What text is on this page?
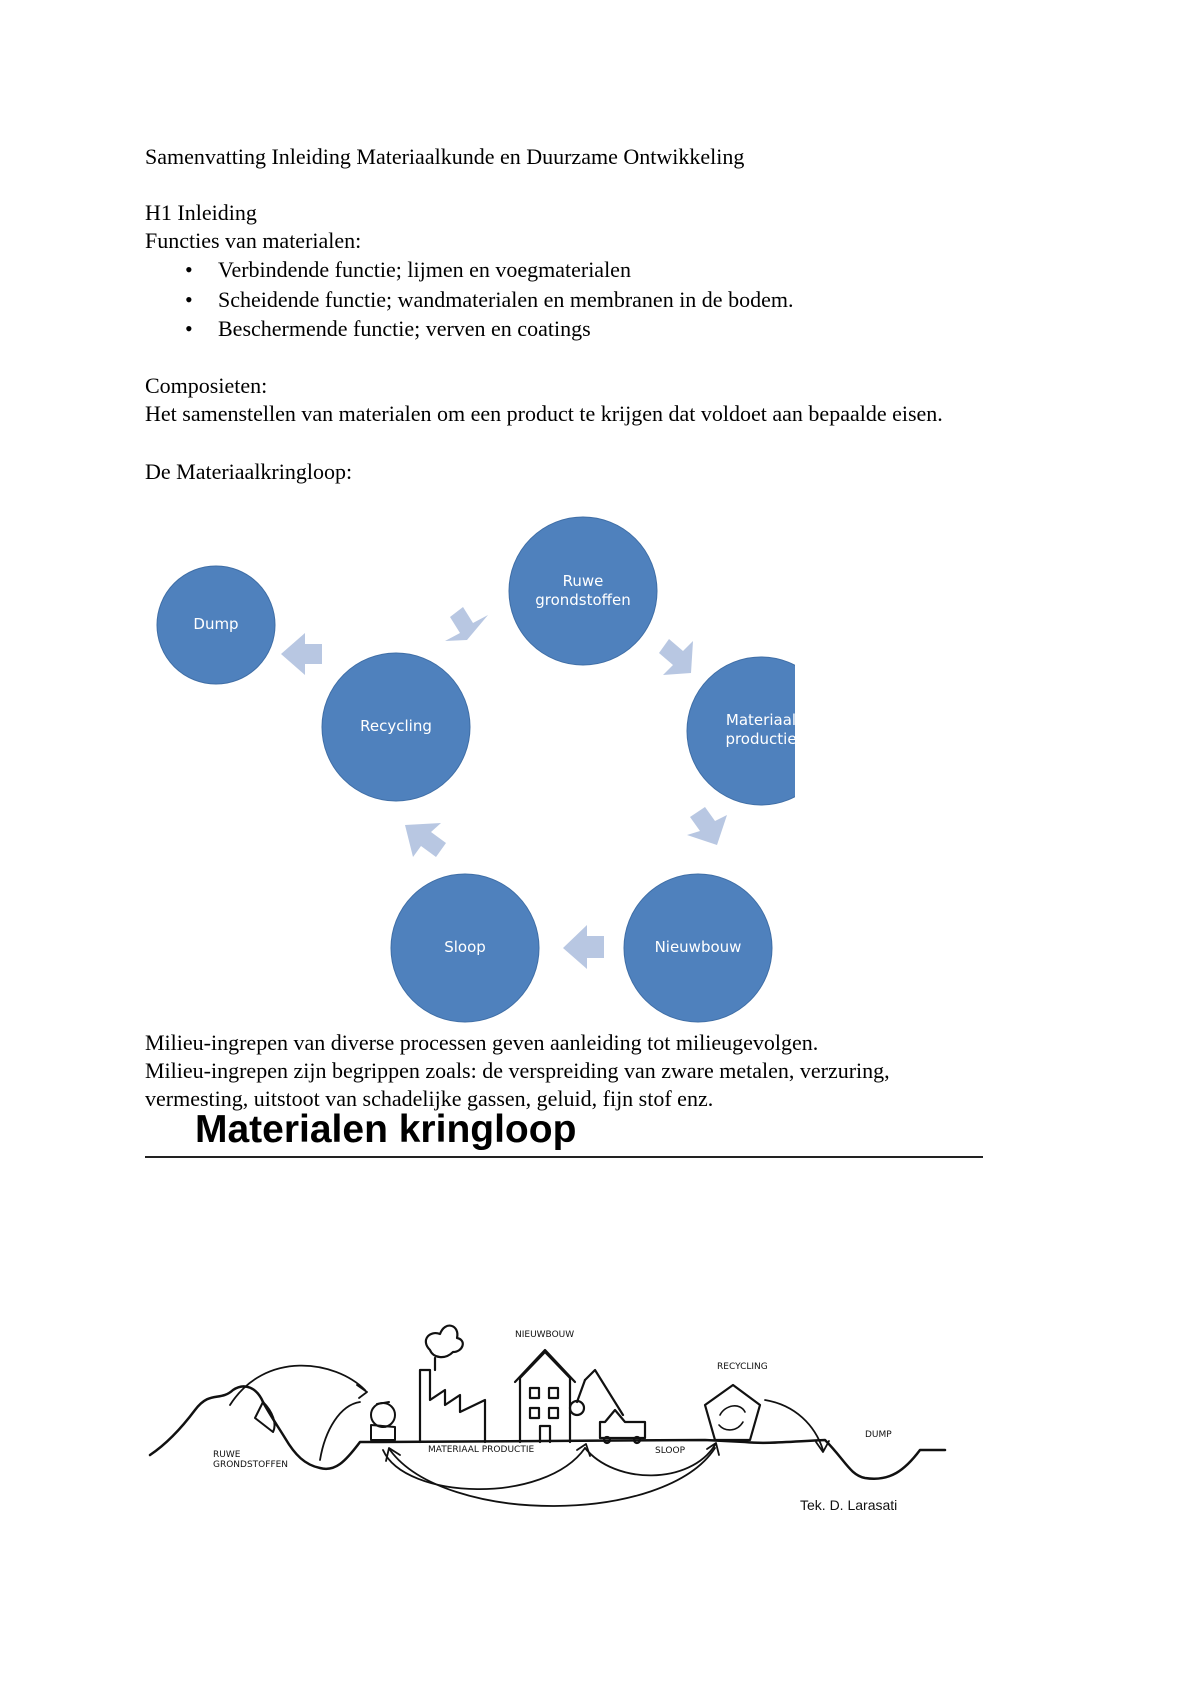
Samenvatting Inleiding Materiaalkunde en Duurzame Ontwikkeling
H1 Inleiding
Functies van materialen:
• Verbindende functie; lijmen en voegmaterialen
• Scheidende functie; wandmaterialen en membranen in de bodem.
• Beschermende functie; verven en coatings
Composieten:
Het samenstellen van materialen om een product te krijgen dat voldoet aan bepaalde eisen.
De Materiaalkringloop:
Dump
Ruwe grondstoffen
Materiaal productie
Recycling
Sloop	Nieuwbouw
Milieu-ingrepen van diverse processen geven aanleiding tot milieugevolgen.
Milieu-ingrepen zijn begrippen zoals: de verspreiding van zware metalen, verzuring,
vermesting, uitstoot van schadelijke gassen, geluid, fijn stof enz.
Materialen kringloop
RUWE GRONDSTOFFEN
NIEUWBOUW
RECYCLING
MATERIAAL PRODUCTIE	SLOOP
DUMP
Tek. D. Larasati
